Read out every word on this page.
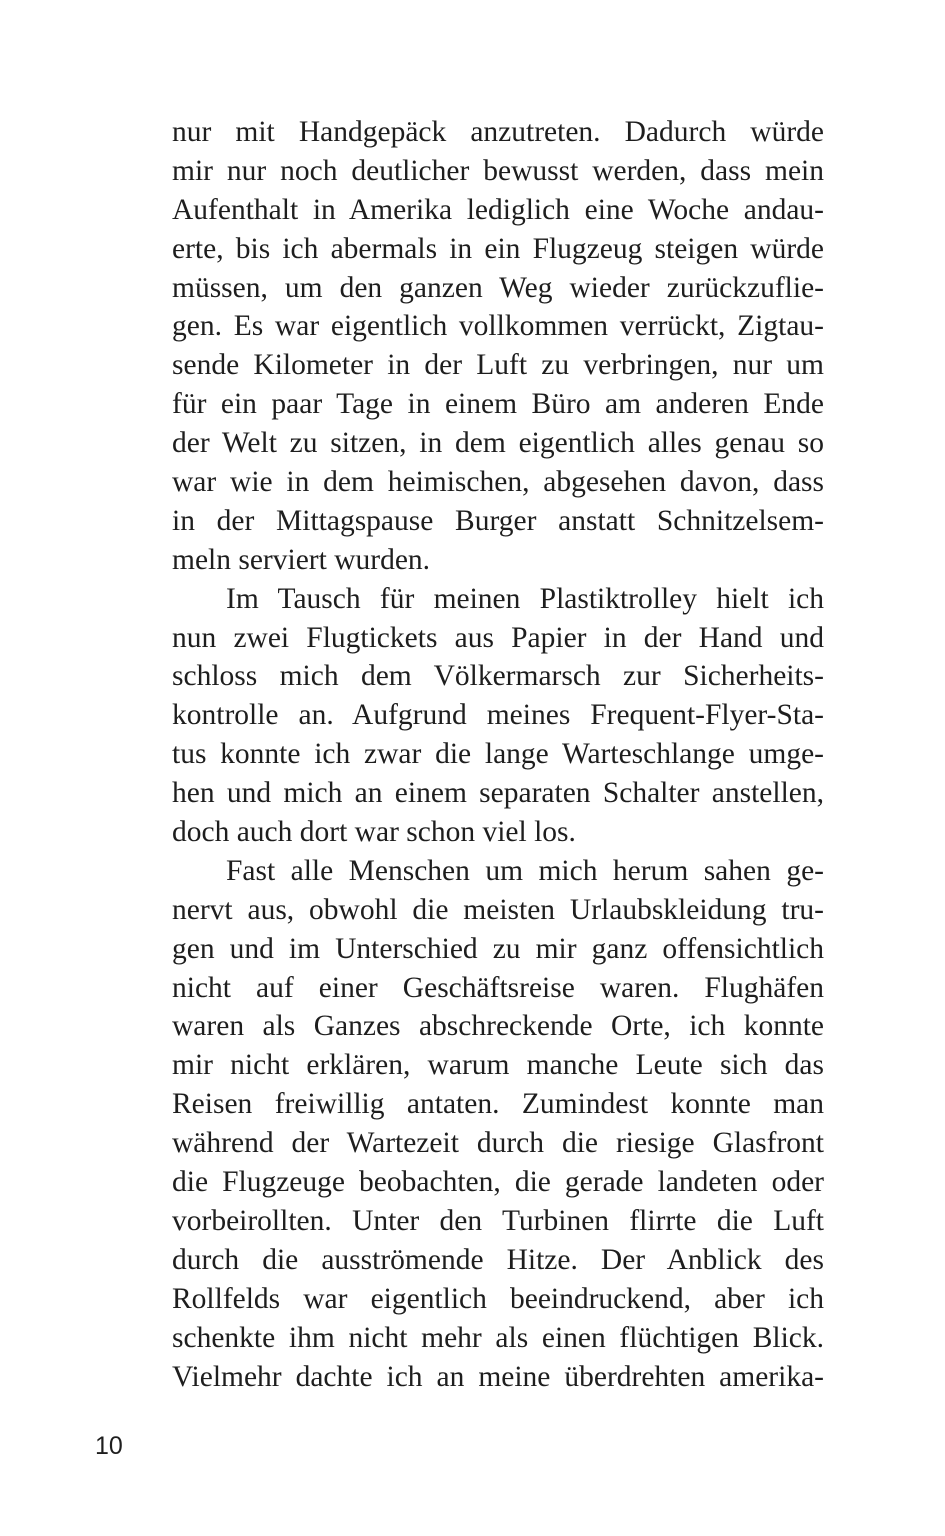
nur mit Handgepäck anzutreten. Dadurch würde
mir nur noch deutlicher bewusst werden, dass mein
Aufenthalt in Amerika lediglich eine Woche andau-
erte, bis ich abermals in ein Flugzeug steigen würde
müssen, um den ganzen Weg wieder zurückzuflie-
gen. Es war eigentlich vollkommen verrückt, Zigtau-
sende Kilometer in der Luft zu verbringen, nur um
für ein paar Tage in einem Büro am anderen Ende
der Welt zu sitzen, in dem eigentlich alles genau so
war wie in dem heimischen, abgesehen davon, dass
in der Mittagspause Burger anstatt Schnitzelsem-
meln serviert wurden.
Im Tausch für meinen Plastiktrolley hielt ich
nun zwei Flugtickets aus Papier in der Hand und
schloss mich dem Völkermarsch zur Sicherheits-
kontrolle an. Aufgrund meines Frequent-Flyer-Sta-
tus konnte ich zwar die lange Warteschlange umge-
hen und mich an einem separaten Schalter anstellen,
doch auch dort war schon viel los.
Fast alle Menschen um mich herum sahen ge-
nervt aus, obwohl die meisten Urlaubskleidung tru-
gen und im Unterschied zu mir ganz offensichtlich
nicht auf einer Geschäftsreise waren. Flughäfen
waren als Ganzes abschreckende Orte, ich konnte
mir nicht erklären, warum manche Leute sich das
Reisen freiwillig antaten. Zumindest konnte man
während der Wartezeit durch die riesige Glasfront
die Flugzeuge beobachten, die gerade landeten oder
vorbeirollten. Unter den Turbinen flirrte die Luft
durch die ausströmende Hitze. Der Anblick des
Rollfelds war eigentlich beeindruckend, aber ich
schenkte ihm nicht mehr als einen flüchtigen Blick.
Vielmehr dachte ich an meine überdrehten amerika-
10
